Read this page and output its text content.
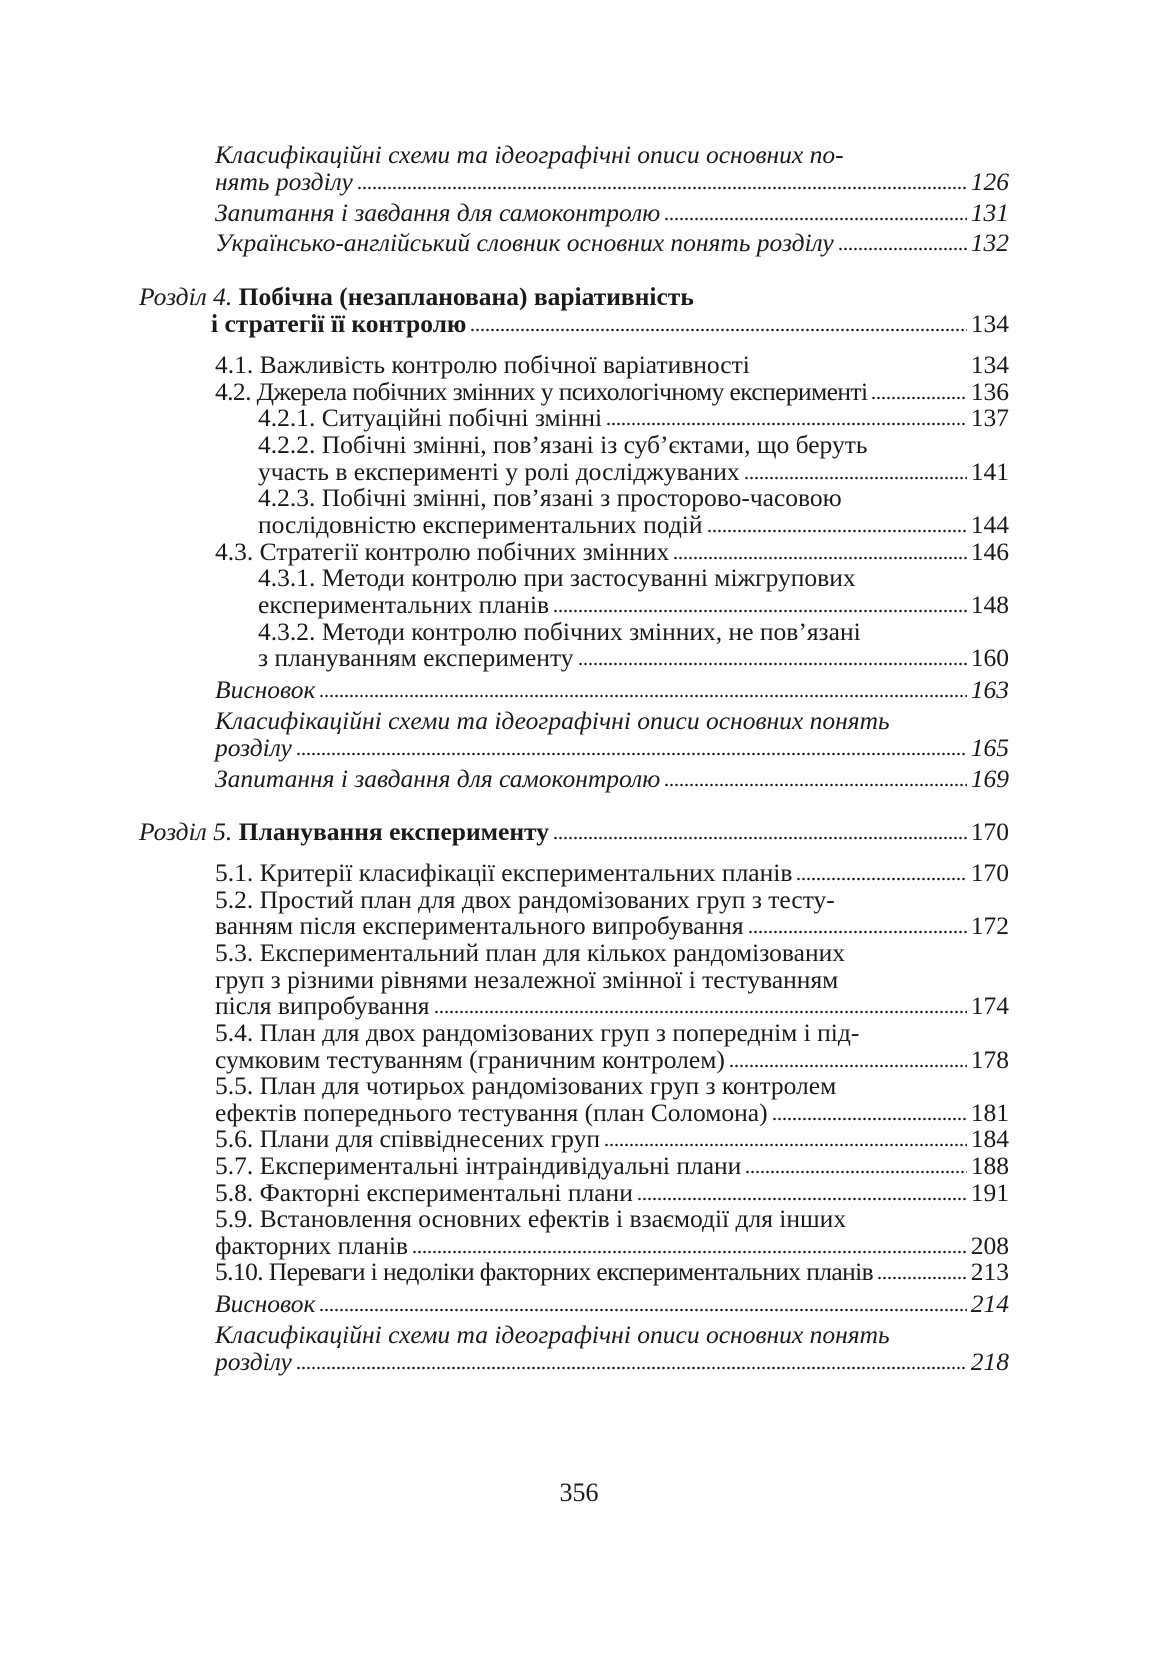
Класифікаційні схеми та ідеографічні описи основних по-
нять розділу	126
Запитання і завдання для самоконтролю	131
Українсько-англійський словник основних понять розділу	132
Розділ 4. Побічна (незапланована) варіативність
і стратегії її контролю	134
4.1. Важливість контролю побічної варіативності	134
4.2. Джерела побічних змінних у психологічному експерименті	136
4.2.1. Ситуаційні побічні змінні	137
4.2.2. Побічні змінні, пов’язані із суб’єктами, що беруть
участь в експерименті у ролі досліджуваних	141
4.2.3. Побічні змінні, пов’язані з просторово-часовою
послідовністю експериментальних подій	144
4.3. Стратегії контролю побічних змінних	146
4.3.1. Методи контролю при застосуванні міжгрупових
експериментальних планів	148
4.3.2. Методи контролю побічних змінних, не пов’язані
з плануванням експерименту	160
Висновок	163
Класифікаційні схеми та ідеографічні описи основних понять
розділу	165
Запитання і завдання для самоконтролю	169
Розділ 5. Планування експерименту	170
5.1. Критерії класифікації експериментальних планів	170
5.2. Простий план для двох рандомізованих груп з тесту-
ванням після експериментального випробування	172
5.3. Експериментальний план для кількох рандомізованих
груп з різними рівнями незалежної змінної і тестуванням
після випробування	174
5.4. План для двох рандомізованих груп з попереднім і під-
сумковим тестуванням (граничним контролем)	178
5.5. План для чотирьох рандомізованих груп з контролем
ефектів попереднього тестування (план Соломона)	181
5.6. Плани для співвіднесених груп	184
5.7. Експериментальні інтраіндивідуальні плани	188
5.8. Факторні експериментальні плани	191
5.9. Встановлення основних ефектів і взаємодії для інших
факторних планів	208
5.10. Переваги і недоліки факторних експериментальних планів	213
Висновок	214
Класифікаційні схеми та ідеографічні описи основних понять
розділу	218
356
